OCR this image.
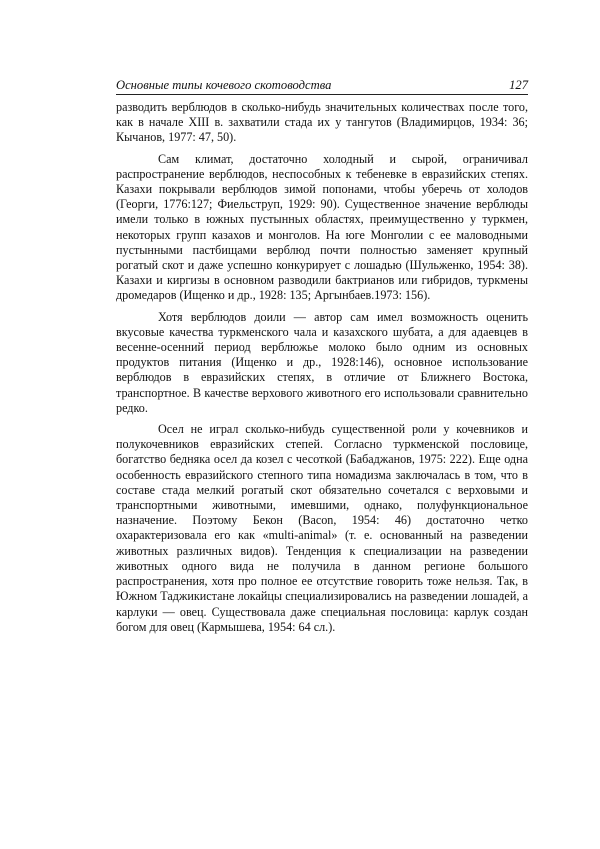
Основные типы кочевого скотоводства	127

разводить верблюдов в сколько-нибудь значительных количествах после того, как в начале XIII в. захватили стада их у тангутов (Владимирцов, 1934: 36; Кычанов, 1977: 47, 50).

Сам климат, достаточно холодный и сырой, ограничивал распространение верблюдов, неспособных к тебеневке в евразийских степях. Казахи покрывали верблюдов зимой попонами, чтобы уберечь от холодов (Георги, 1776:127; Фиельструп, 1929: 90). Существенное значение верблюды имели только в южных пустынных областях, преимущественно у туркмен, некоторых групп казахов и монголов. На юге Монголии с ее маловодными пустынными пастбищами верблюд почти полностью заменяет крупный рогатый скот и даже успешно конкурирует с лошадью (Шульженко, 1954: 38). Казахи и киргизы в основном разводили бактрианов или гибридов, туркмены дромедаров (Ищенко и др., 1928: 135; Аргынбаев.1973: 156).

Хотя верблюдов доили — автор сам имел возможность оценить вкусовые качества туркменского чала и казахского шубата, а для адаевцев в весенне-осенний период верблюжье молоко было одним из основных продуктов питания (Ищенко и др., 1928:146), основное использование верблюдов в евразийских степях, в отличие от Ближнего Востока, транспортное. В качестве верхового животного его использовали сравнительно редко.

Осел не играл сколько-нибудь существенной роли у кочевников и полукочевников евразийских степей. Согласно туркменской пословице, богатство бедняка осел да козел с чесоткой (Бабаджанов, 1975: 222). Еще одна особенность евразийского степного типа номадизма заключалась в том, что в составе стада мелкий рогатый скот обязательно сочетался с верховыми и транспортными животными, имевшими, однако, полуфункциональное назначение. Поэтому Бекон (Bacon, 1954: 46) достаточно четко охарактеризовала его как «multi-animal» (т. е. основанный на разведении животных различных видов). Тенденция к специализации на разведении животных одного вида не получила в данном регионе большого распространения, хотя про полное ее отсутствие говорить тоже нельзя. Так, в Южном Таджикистане локайцы специализировались на разведении лошадей, а карлуки — овец. Существовала даже специальная пословица: карлук создан богом для овец (Кармышева, 1954: 64 сл.).
